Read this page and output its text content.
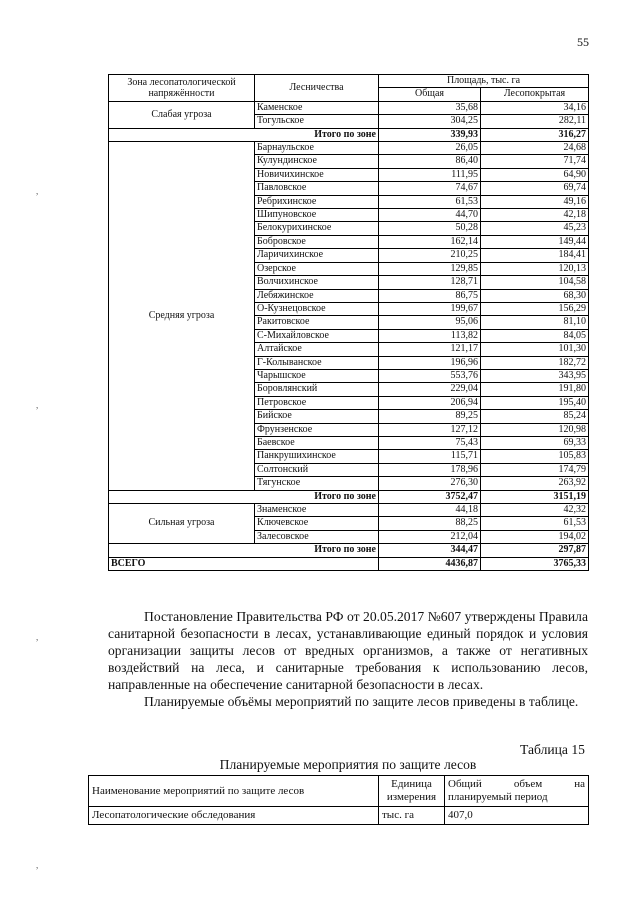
55
Зона лесопатологической напряжённости	Лесничества	Площадь, тыс. га	
		Общая	Лесопокрытая
Слабая угроза	Каменское	35,68	34,16
	Тогульское	304,25	282,11
Итого по зоне		339,93	316,27
Средняя угроза	Барнаульское	26,05	24,68
	Кулундинское	86,40	71,74
	Новичихинское	111,95	64,90
	Павловское	74,67	69,74
	Ребрихинское	61,53	49,16
	Шипуновское	44,70	42,18
	Белокурихинское	50,28	45,23
	Бобровское	162,14	149,44
	Ларичихинское	210,25	184,41
	Озерское	129,85	120,13
	Волчихинское	128,71	104,58
	Лебяжинское	86,75	68,30
	О-Кузнецовское	199,67	156,29
	Ракитовское	95,06	81,10
	С-Михайловское	113,82	84,05
	Алтайское	121,17	101,30
	Г-Колыванское	196,96	182,72
	Чарышское	553,76	343,95
	Боровлянский	229,04	191,80
	Петровское	206,94	195,40
	Бийское	89,25	85,24
	Фрунзенское	127,12	120,98
	Баевское	75,43	69,33
	Панкрушихинское	115,71	105,83
	Солтонский	178,96	174,79
	Тягунское	276,30	263,92
Итого по зоне		3752,47	3151,19
Сильная угроза	Знаменское	44,18	42,32
	Ключевское	88,25	61,53
	Залесовское	212,04	194,02
Итого по зоне		344,47	297,87
ВСЕГО		4436,87	3765,33

Постановление Правительства РФ от 20.05.2017 №607 утверждены Правила санитарной безопасности в лесах, устанавливающие единый порядок и условия организации защиты лесов от вредных организмов, а также от негативных воздействий на леса, и санитарные требования к использованию лесов, направленные на обеспечение санитарной безопасности в лесах.

Планируемые объёмы мероприятий по защите лесов приведены в таблице.

Таблица 15
Планируемые мероприятия по защите лесов
Наименование мероприятий по защите лесов	Единица измерения	Общий объем на планируемый период
Лесопатологические обследования	тыс. га	407,0
,
,
,
,
